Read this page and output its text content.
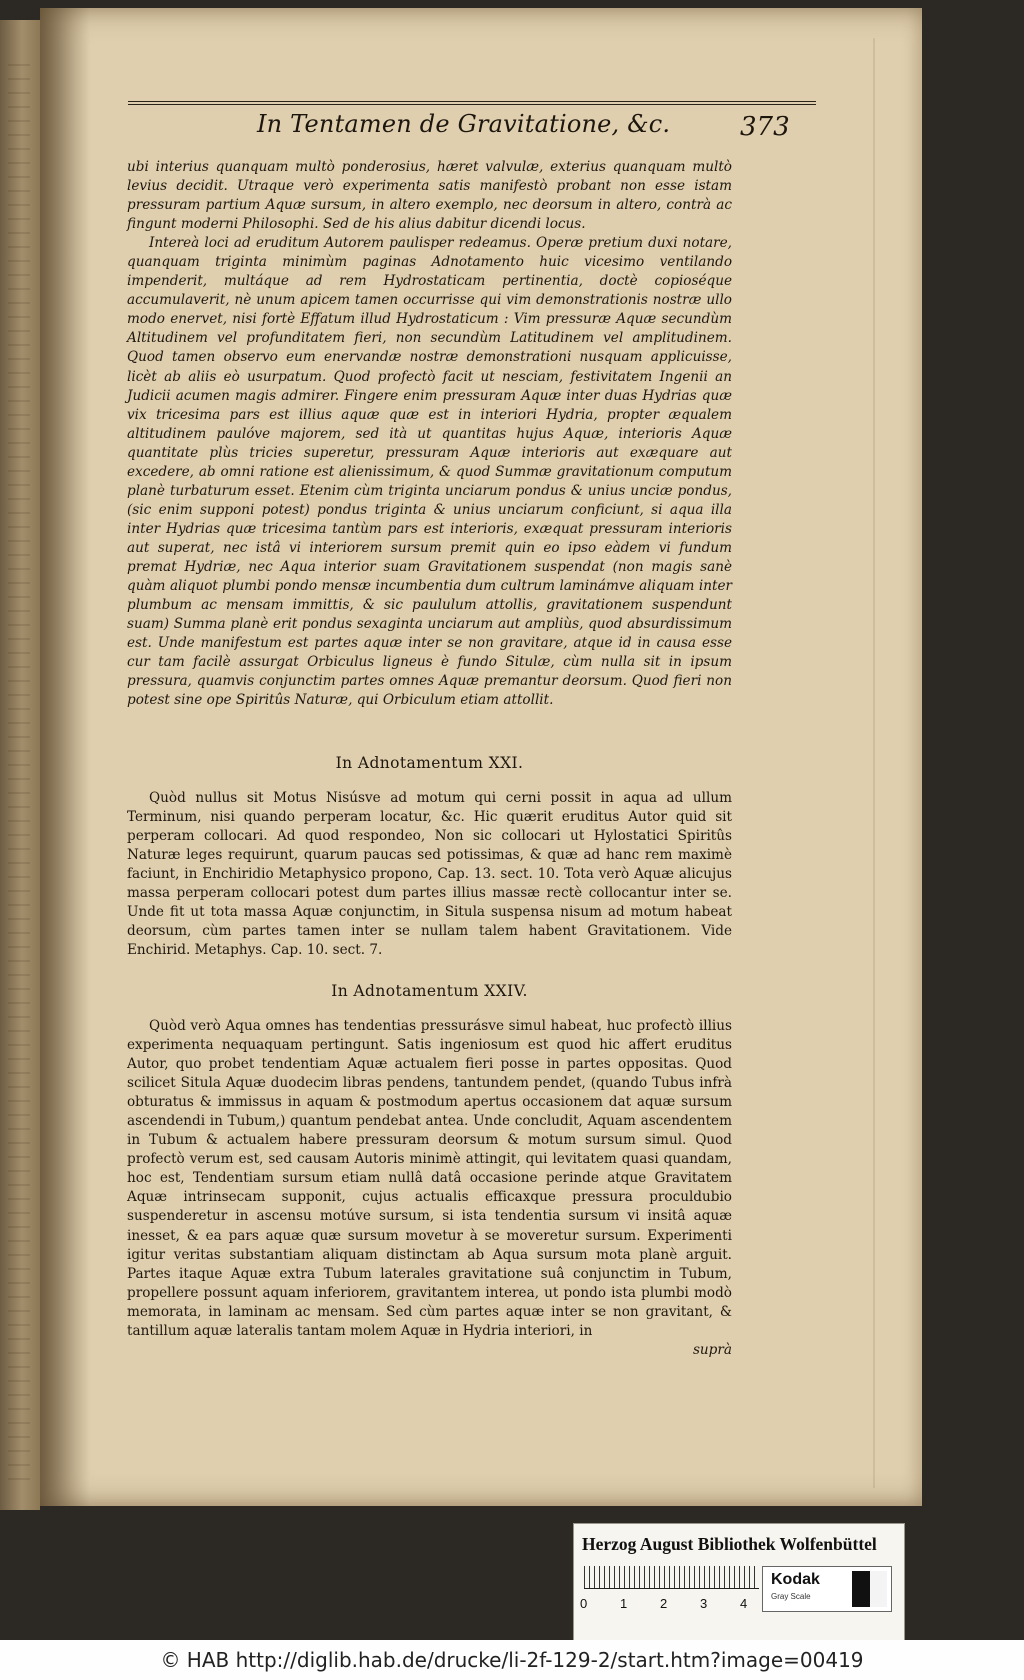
In Tentamen de Gravitatione, &c.	373

ubi interius quanquam multò ponderosius, hæret valvulæ, exterius quanquam multò levius decidit. Utraque verò experimenta satis manifestò probant non esse istam pressuram partium Aquæ sursum, in altero exemplo, nec deorsum in altero, contrà ac fingunt moderni Philosophi. Sed de his alius dabitur dicendi locus.

Intereà loci ad eruditum Autorem paulisper redeamus. Operæ pretium duxi notare, quanquam triginta minimùm paginas Adnotamento huic vicesimo ventilando impenderit, multáque ad rem Hydrostaticam pertinentia, doctè copioséque accumulaverit, nè unum apicem tamen occurrisse qui vim demonstrationis nostræ ullo modo enervet, nisi fortè Effatum illud Hydrostaticum : Vim pressuræ Aquæ secundùm Altitudinem vel profunditatem fieri, non secundùm Latitudinem vel amplitudinem. Quod tamen observo eum enervandæ nostræ demonstrationi nusquam applicuisse, licèt ab aliis eò usurpatum. Quod profectò facit ut nesciam, festivitatem Ingenii an Judicii acumen magis admirer. Fingere enim pressuram Aquæ inter duas Hydrias quæ vix tricesima pars est illius aquæ quæ est in interiori Hydria, propter æqualem altitudinem paulóve majorem, sed ità ut quantitas hujus Aquæ, interioris Aquæ quantitate plùs tricies superetur, pressuram Aquæ interioris aut exæquare aut excedere, ab omni ratione est alienissimum, & quod Summæ gravitationum computum planè turbaturum esset. Etenim cùm triginta unciarum pondus & unius unciæ pondus, (sic enim supponi potest) pondus triginta & unius unciarum conficiunt, si aqua illa inter Hydrias quæ tricesima tantùm pars est interioris, exæquat pressuram interioris aut superat, nec istâ vi interiorem sursum premit quin eo ipso eàdem vi fundum premat Hydriæ, nec Aqua interior suam Gravitationem suspendat (non magis sanè quàm aliquot plumbi pondo mensæ incumbentia dum cultrum laminámve aliquam inter plumbum ac mensam immittis, & sic paululum attollis, gravitationem suspendunt suam) Summa planè erit pondus sexaginta unciarum aut ampliùs, quod absurdissimum est. Unde manifestum est partes aquæ inter se non gravitare, atque id in causa esse cur tam facilè assurgat Orbiculus ligneus è fundo Situlæ, cùm nulla sit in ipsum pressura, quamvis conjunctim partes omnes Aquæ premantur deorsum. Quod fieri non potest sine ope Spiritûs Naturæ, qui Orbiculum etiam attollit.

In Adnotamentum XXI.

Quòd nullus sit Motus Nisúsve ad motum qui cerni possit in aqua ad ullum Terminum, nisi quando perperam locatur, &c. Hic quærit eruditus Autor quid sit perperam collocari. Ad quod respondeo, Non sic collocari ut Hylostatici Spiritûs Naturæ leges requirunt, quarum paucas sed potissimas, & quæ ad hanc rem maximè faciunt, in Enchiridio Metaphysico propono, Cap. 13. sect. 10. Tota verò Aquæ alicujus massa perperam collocari potest dum partes illius massæ rectè collocantur inter se. Unde fit ut tota massa Aquæ conjunctim, in Situla suspensa nisum ad motum habeat deorsum, cùm partes tamen inter se nullam talem habent Gravitationem. Vide Enchirid. Metaphys. Cap. 10. sect. 7.

In Adnotamentum XXIV.

Quòd verò Aqua omnes has tendentias pressurásve simul habeat, huc profectò illius experimenta nequaquam pertingunt. Satis ingeniosum est quod hic affert eruditus Autor, quo probet tendentiam Aquæ actualem fieri posse in partes oppositas. Quod scilicet Situla Aquæ duodecim libras pendens, tantundem pendet, (quando Tubus infrà obturatus & immissus in aquam & postmodum apertus occasionem dat aquæ sursum ascendendi in Tubum,) quantum pendebat antea. Unde concludit, Aquam ascendentem in Tubum & actualem habere pressuram deorsum & motum sursum simul. Quod profectò verum est, sed causam Autoris minimè attingit, qui levitatem quasi quandam, hoc est, Tendentiam sursum etiam nullâ datâ occasione perinde atque Gravitatem Aquæ intrinsecam supponit, cujus actualis efficaxque pressura proculdubio suspenderetur in ascensu motúve sursum, si ista tendentia sursum vi insitâ aquæ inesset, & ea pars aquæ quæ sursum movetur à se moveretur sursum. Experimenti igitur veritas substantiam aliquam distinctam ab Aqua sursum mota planè arguit. Partes itaque Aquæ extra Tubum laterales gravitatione suâ conjunctim in Tubum, propellere possunt aquam inferiorem, gravitantem interea, ut pondo ista plumbi modò memorata, in laminam ac mensam. Sed cùm partes aquæ inter se non gravitant, & tantillum aquæ lateralis tantam molem Aquæ in Hydria interiori, in

suprà

Herzog August Bibliothek Wolfenbüttel
0	1	2	3	4
Kodak
Gray Scale
© HAB http://diglib.hab.de/drucke/li-2f-129-2/start.htm?image=00419
